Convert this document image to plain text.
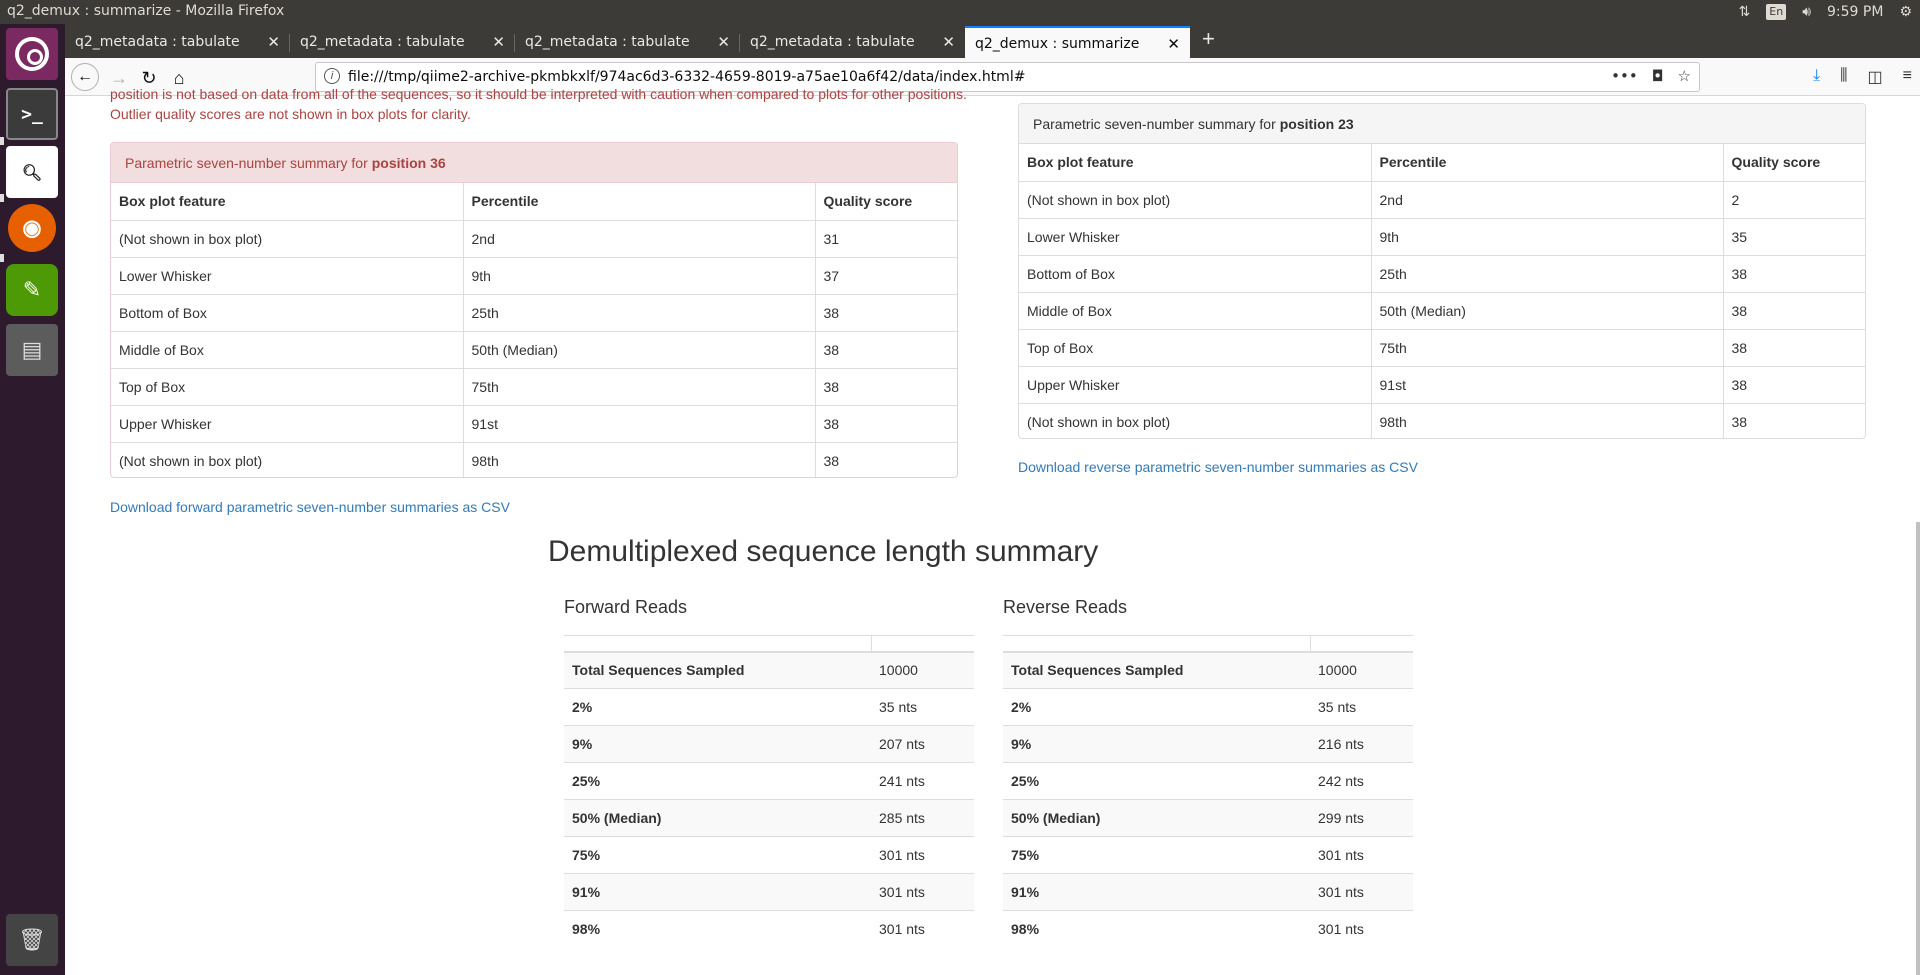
q2_demux : summarize - Mozilla Firefox	⇅ En 🔊︎ 9:59 PM ⚙
>_
🔍︎
◉
✎
▤
🗑︎
q2_metadata : tabulate ✕	q2_metadata : tabulate ✕	q2_metadata : tabulate ✕	q2_metadata : tabulate ✕	q2_demux : summarize ✕	+
← → ↻ ⌂	i	file:///tmp/qiime2-archive-pkmbkxlf/974ac6d3-6332-4659-8019-a75ae10a6f42/data/index.html#	••• ◘ ☆	⤓ ⫼ ◫ ≡
position is not based on data from all of the sequences, so it should be interpreted with caution when compared to plots for other positions. Outlier quality scores are not shown in box plots for clarity.
Parametric seven-number summary for position 36
Box plot feature	Percentile	Quality score
(Not shown in box plot)	2nd	31
Lower Whisker	9th	37
Bottom of Box	25th	38
Middle of Box	50th (Median)	38
Top of Box	75th	38
Upper Whisker	91st	38
(Not shown in box plot)	98th	38
Download forward parametric seven-number summaries as CSV
Parametric seven-number summary for position 23
Box plot feature	Percentile	Quality score
(Not shown in box plot)	2nd	2
Lower Whisker	9th	35
Bottom of Box	25th	38
Middle of Box	50th (Median)	38
Top of Box	75th	38
Upper Whisker	91st	38
(Not shown in box plot)	98th	38
Download reverse parametric seven-number summaries as CSV
Demultiplexed sequence length summary
Forward Reads

Total Sequences Sampled	10000
2%	35 nts
9%	207 nts
25%	241 nts
50% (Median)	285 nts
75%	301 nts
91%	301 nts
98%	301 nts
Reverse Reads

Total Sequences Sampled	10000
2%	35 nts
9%	216 nts
25%	242 nts
50% (Median)	299 nts
75%	301 nts
91%	301 nts
98%	301 nts
